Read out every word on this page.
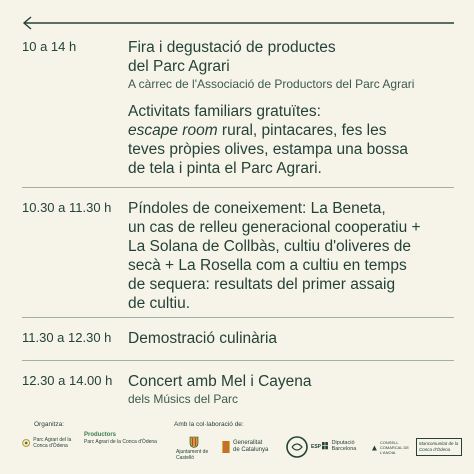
10 a 14 h	Fira i degustació de productes
del Parc Agrari
A càrrec de l'Associació de Productors del Parc Agrari
Activitats familiars gratuïtes:
escape room rural, pintacares, fes les
teves pròpies olives, estampa una bossa
de tela i pinta el Parc Agrari.
10.30 a 11.30 h Píndoles de coneixement: La Beneta,
un cas de relleu generacional cooperatiu +
La Solana de Collbàs, cultiu d'oliveres de
secà + La Rosella com a cultiu en temps
de sequera: resultats del primer assaig
de cultiu.
11.30 a 12.30 h Demostració culinària
12.30 a 14.00 h Concert amb Mel i Cayena
dels Músics del Parc
Organitza:	Amb la col·laboració de:
Parc Agrari del la Conca d'Òdena
Productors
Parc Agrari de la Conca d'Òdena
Ajuntament de Castelló
Generalitat
de Catalunya	ESP
Diputació Barcelona
CONSELL COMARCAL DE L'ANOIA
Mancomunitat de la Conca d'Òdena
